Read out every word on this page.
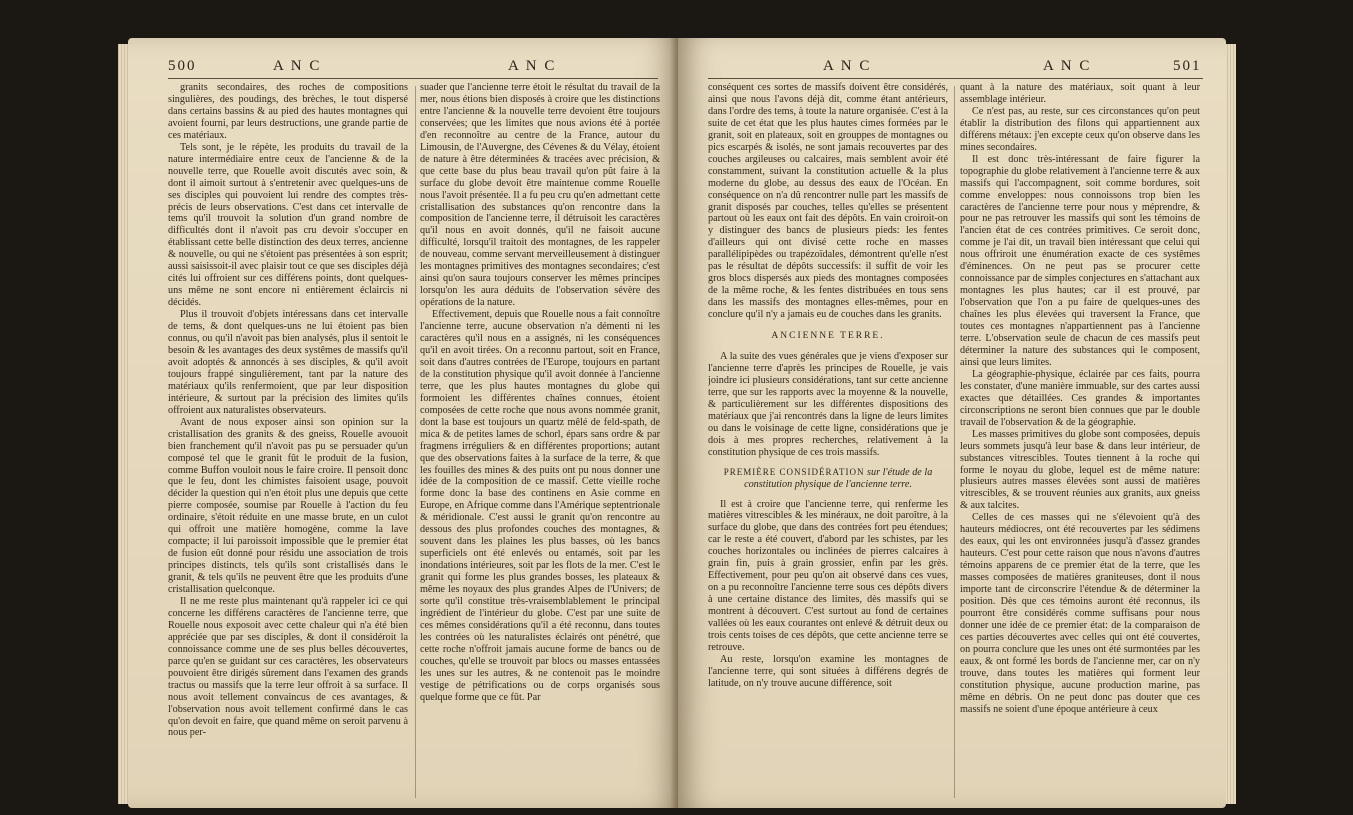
500	A N C	A N C

granits secondaires, des roches de compositions singulières, des poudings, des brèches, le tout dispersé dans certains bassins & au pied des hautes montagnes qui avoient fourni, par leurs destructions, une grande partie de ces matériaux.

Tels sont, je le répète, les produits du travail de la nature intermédiaire entre ceux de l'ancienne & de la nouvelle terre, que Rouelle avoit discutés avec soin, & dont il aimoit surtout à s'entretenir avec quelques-uns de ses disciples qui pouvoient lui rendre des comptes très-précis de leurs observations. C'est dans cet intervalle de tems qu'il trouvoit la solution d'un grand nombre de difficultés dont il n'avoit pas cru devoir s'occuper en établissant cette belle distinction des deux terres, ancienne & nouvelle, ou qui ne s'étoient pas présentées à son esprit; aussi saisissoit-il avec plaisir tout ce que ses disciples déjà cités lui offroient sur ces différens points, dont quelques-uns même ne sont encore ni entièrement éclaircis ni décidés.

Plus il trouvoit d'objets intéressans dans cet intervalle de tems, & dont quelques-uns ne lui étoient pas bien connus, ou qu'il n'avoit pas bien analysés, plus il sentoit le besoin & les avantages des deux systêmes de massifs qu'il avoit adoptés & annoncés à ses disciples, & qu'il avoit toujours frappé singulièrement, tant par la nature des matériaux qu'ils renfermoient, que par leur disposition intérieure, & surtout par la précision des limites qu'ils offroient aux naturalistes observateurs.

Avant de nous exposer ainsi son opinion sur la cristallisation des granits & des gneiss, Rouelle avouoit bien franchement qu'il n'avoit pas pu se persuader qu'un composé tel que le granit fût le produit de la fusion, comme Buffon vouloit nous le faire croire. Il pensoit donc que le feu, dont les chimistes faisoient usage, pouvoit décider la question qui n'en étoit plus une depuis que cette pierre composée, soumise par Rouelle à l'action du feu ordinaire, s'étoit réduite en une masse brute, en un culot qui offroit une matière homogène, comme la lave compacte; il lui paroissoit impossible que le premier état de fusion eût donné pour résidu une association de trois principes distincts, tels qu'ils sont cristallisés dans le granit, & tels qu'ils ne peuvent être que les produits d'une cristallisation quelconque.

Il ne me reste plus maintenant qu'à rappeler ici ce qui concerne les différens caractères de l'ancienne terre, que Rouelle nous exposoit avec cette chaleur qui n'a été bien appréciée que par ses disciples, & dont il considéroit la connoissance comme une de ses plus belles découvertes, parce qu'en se guidant sur ces caractères, les observateurs pouvoient être dirigés sûrement dans l'examen des grands tractus ou massifs que la terre leur offroit à sa surface. Il nous avoit tellement convaincus de ces avantages, & l'observation nous avoit tellement confirmé dans le cas qu'on devoit en faire, que quand même on seroit parvenu à nous per-

suader que l'ancienne terre étoit le résultat du travail de la mer, nous étions bien disposés à croire que les distinctions entre l'ancienne & la nouvelle terre devoient être toujours conservées; que les limites que nous avions été à portée d'en reconnoître au centre de la France, autour du Limousin, de l'Auvergne, des Cévenes & du Vélay, étoient de nature à être déterminées & tracées avec précision, & que cette base du plus beau travail qu'on pût faire à la surface du globe devoit être maintenue comme Rouelle nous l'avoit présentée. Il a fu peu cru qu'en admettant cette cristallisation des substances qu'on rencontre dans la composition de l'ancienne terre, il détruisoit les caractères qu'il nous en avoit donnés, qu'il ne faisoit aucune difficulté, lorsqu'il traitoit des montagnes, de les rappeler de nouveau, comme servant merveilleusement à distinguer les montagnes primitives des montagnes secondaires; c'est ainsi qu'on saura toujours conserver les mêmes principes lorsqu'on les aura déduits de l'observation sévère des opérations de la nature.

Effectivement, depuis que Rouelle nous a fait connoître l'ancienne terre, aucune observation n'a démenti ni les caractères qu'il nous en a assignés, ni les conséquences qu'il en avoit tirées. On a reconnu partout, soit en France, soit dans d'autres contrées de l'Europe, toujours en partant de la constitution physique qu'il avoit donnée à l'ancienne terre, que les plus hautes montagnes du globe qui formoient les différentes chaînes connues, étoient composées de cette roche que nous avons nommée granit, dont la base est toujours un quartz mêlé de feld-spath, de mica & de petites lames de schorl, épars sans ordre & par fragmens irréguliers & en différentes proportions; autant que des observations faites à la surface de la terre, & que les fouilles des mines & des puits ont pu nous donner une idée de la composition de ce massif. Cette vieille roche forme donc la base des continens en Asie comme en Europe, en Afrique comme dans l'Amérique septentrionale & méridionale. C'est aussi le granit qu'on rencontre au dessous des plus profondes couches des montagnes, & souvent dans les plaines les plus basses, où les bancs superficiels ont été enlevés ou entamés, soit par les inondations intérieures, soit par les flots de la mer. C'est le granit qui forme les plus grandes bosses, les plateaux & même les noyaux des plus grandes Alpes de l'Univers; de sorte qu'il constitue très-vraisemblablement le principal ingrédient de l'intérieur du globe. C'est par une suite de ces mêmes considérations qu'il a été reconnu, dans toutes les contrées où les naturalistes éclairés ont pénétré, que cette roche n'offroit jamais aucune forme de bancs ou de couches, qu'elle se trouvoit par blocs ou masses entassées les unes sur les autres, & ne contenoit pas le moindre vestige de pétrifications ou de corps organisés sous quelque forme que ce fût. Par

A N C	A N C	501

conséquent ces sortes de massifs doivent être considérés, ainsi que nous l'avons déjà dit, comme étant antérieurs, dans l'ordre des tems, à toute la nature organisée. C'est à la suite de cet état que les plus hautes cimes formées par le granit, soit en plateaux, soit en grouppes de montagnes ou pics escarpés & isolés, ne sont jamais recouvertes par des couches argileuses ou calcaires, mais semblent avoir été constamment, suivant la constitution actuelle & la plus moderne du globe, au dessus des eaux de l'Océan. En conséquence on n'a dû rencontrer nulle part les massifs de granit disposés par couches, telles qu'elles se présentent partout où les eaux ont fait des dépôts. En vain croiroit-on y distinguer des bancs de plusieurs pieds: les fentes d'ailleurs qui ont divisé cette roche en masses parallélipipèdes ou trapézoïdales, démontrent qu'elle n'est pas le résultat de dépôts successifs: il suffit de voir les gros blocs dispersés aux pieds des montagnes composées de la même roche, & les fentes distribuées en tous sens dans les massifs des montagnes elles-mêmes, pour en conclure qu'il n'y a jamais eu de couches dans les granits.

ANCIENNE TERRE.

A la suite des vues générales que je viens d'exposer sur l'ancienne terre d'après les principes de Rouelle, je vais joindre ici plusieurs considérations, tant sur cette ancienne terre, que sur les rapports avec la moyenne & la nouvelle, & particulièrement sur les différentes dispositions des matériaux que j'ai rencontrés dans la ligne de leurs limites ou dans le voisinage de cette ligne, considérations que je dois à mes propres recherches, relativement à la constitution physique de ces trois massifs.

PREMIÈRE CONSIDÉRATION sur l'étude de la constitution physique de l'ancienne terre.

Il est à croire que l'ancienne terre, qui renferme les matières vitrescibles & les minéraux, ne doit paroître, à la surface du globe, que dans des contrées fort peu étendues; car le reste a été couvert, d'abord par les schistes, par les couches horizontales ou inclinées de pierres calcaires à grain fin, puis à grain grossier, enfin par les grès. Effectivement, pour peu qu'on ait observé dans ces vues, on a pu reconnoître l'ancienne terre sous ces dépôts divers à une certaine distance des limites, dès massifs qui se montrent à découvert. C'est surtout au fond de certaines vallées où les eaux courantes ont enlevé & détruit deux ou trois cents toises de ces dépôts, que cette ancienne terre se retrouve.

Au reste, lorsqu'on examine les montagnes de l'ancienne terre, qui sont situées à différens degrés de latitude, on n'y trouve aucune différence, soit

quant à la nature des matériaux, soit quant à leur assemblage intérieur.

Ce n'est pas, au reste, sur ces circonstances qu'on peut établir la distribution des filons qui appartiennent aux différens métaux: j'en excepte ceux qu'on observe dans les mines secondaires.

Il est donc très-intéressant de faire figurer la topographie du globe relativement à l'ancienne terre & aux massifs qui l'accompagnent, soit comme bordures, soit comme enveloppes: nous connoissons trop bien les caractères de l'ancienne terre pour nous y méprendre, & pour ne pas retrouver les massifs qui sont les témoins de l'ancien état de ces contrées primitives. Ce seroit donc, comme je l'ai dit, un travail bien intéressant que celui qui nous offriroit une énumération exacte de ces systêmes d'éminences. On ne peut pas se procurer cette connoissance par de simples conjectures en s'attachant aux montagnes les plus hautes; car il est prouvé, par l'observation que l'on a pu faire de quelques-unes des chaînes les plus élevées qui traversent la France, que toutes ces montagnes n'appartiennent pas à l'ancienne terre. L'observation seule de chacun de ces massifs peut déterminer la nature des substances qui le composent, ainsi que leurs limites.

La géographie-physique, éclairée par ces faits, pourra les constater, d'une manière immuable, sur des cartes aussi exactes que détaillées. Ces grandes & importantes circonscriptions ne seront bien connues que par le double travail de l'observation & de la géographie.

Les masses primitives du globe sont composées, depuis leurs sommets jusqu'à leur base & dans leur intérieur, de substances vitrescibles. Toutes tiennent à la roche qui forme le noyau du globe, lequel est de même nature: plusieurs autres masses élevées sont aussi de matières vitrescibles, & se trouvent réunies aux granits, aux gneiss & aux talcites.

Celles de ces masses qui ne s'élevoient qu'à des hauteurs médiocres, ont été recouvertes par les sédimens des eaux, qui les ont environnées jusqu'à d'assez grandes hauteurs. C'est pour cette raison que nous n'avons d'autres témoins apparens de ce premier état de la terre, que les masses composées de matières graniteuses, dont il nous importe tant de circonscrire l'étendue & de déterminer la position. Dès que ces témoins auront été reconnus, ils pourront être considérés comme suffisans pour nous donner une idée de ce premier état: de la comparaison de ces parties découvertes avec celles qui ont été couvertes, on pourra conclure que les unes ont été surmontées par les eaux, & ont formé les bords de l'ancienne mer, car on n'y trouve, dans toutes les matières qui forment leur constitution physique, aucune production marine, pas même en débris. On ne peut donc pas douter que ces massifs ne soient d'une époque antérieure à ceux
